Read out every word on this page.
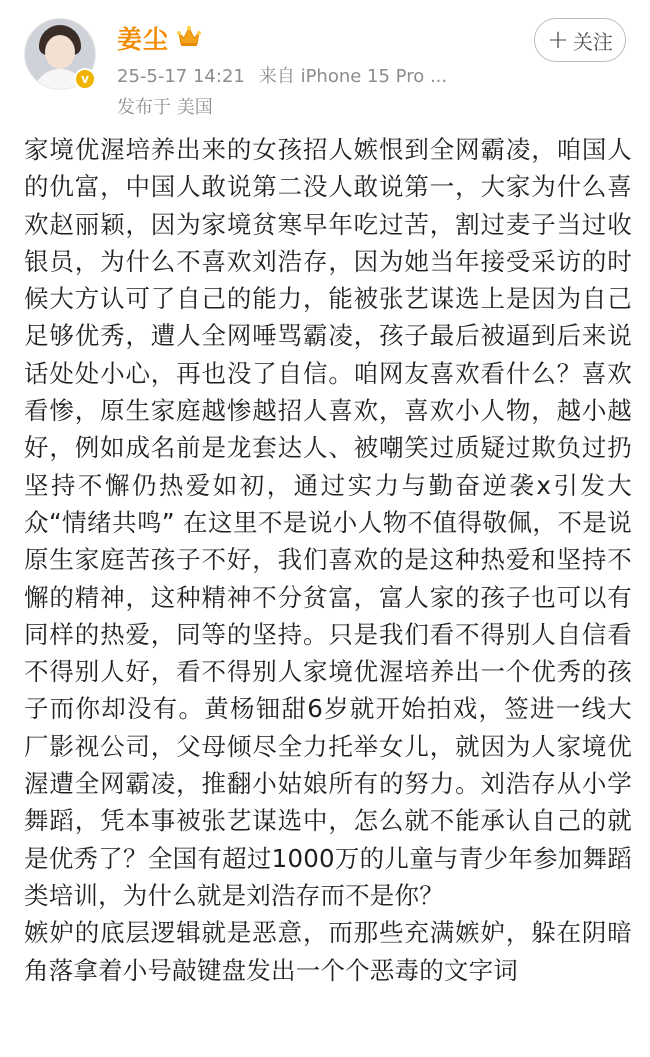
v
姜尘	+ 关注
25-5-17 14:21 来自 iPhone 15 Pro ...
发布于 美国

家境优渥培养出来的女孩招人嫉恨到全网霸凌，咱国人的仇富，中国人敢说第二没人敢说第一，大家为什么喜欢赵丽颖，因为家境贫寒早年吃过苦，割过麦子当过收银员，为什么不喜欢刘浩存，因为她当年接受采访的时候大方认可了自己的能力，能被张艺谋选上是因为自己足够优秀，遭人全网唾骂霸凌，孩子最后被逼到后来说话处处小心，再也没了自信。咱网友喜欢看什么？喜欢看惨，原生家庭越惨越招人喜欢，喜欢小人物，越小越好，例如成名前是龙套达人、被嘲笑过质疑过欺负过扔坚持不懈仍热爱如初，通过实力与勤奋逆袭x引发大众“情绪共鸣” 在这里不是说小人物不值得敬佩，不是说原生家庭苦孩子不好，我们喜欢的是这种热爱和坚持不懈的精神，这种精神不分贫富，富人家的孩子也可以有同样的热爱，同等的坚持。只是我们看不得别人自信看不得别人好，看不得别人家境优渥培养出一个优秀的孩子而你却没有。黄杨钿甜6岁就开始拍戏，签进一线大厂影视公司，父母倾尽全力托举女儿，就因为人家境优渥遭全网霸凌，推翻小姑娘所有的努力。刘浩存从小学舞蹈，凭本事被张艺谋选中，怎么就不能承认自己的就是优秀了？全国有超过1000万的儿童与青少年参加舞蹈类培训，为什么就是刘浩存而不是你？

嫉妒的底层逻辑就是恶意，而那些充满嫉妒，躲在阴暗角落拿着小号敲键盘发出一个个恶毒的文字词
